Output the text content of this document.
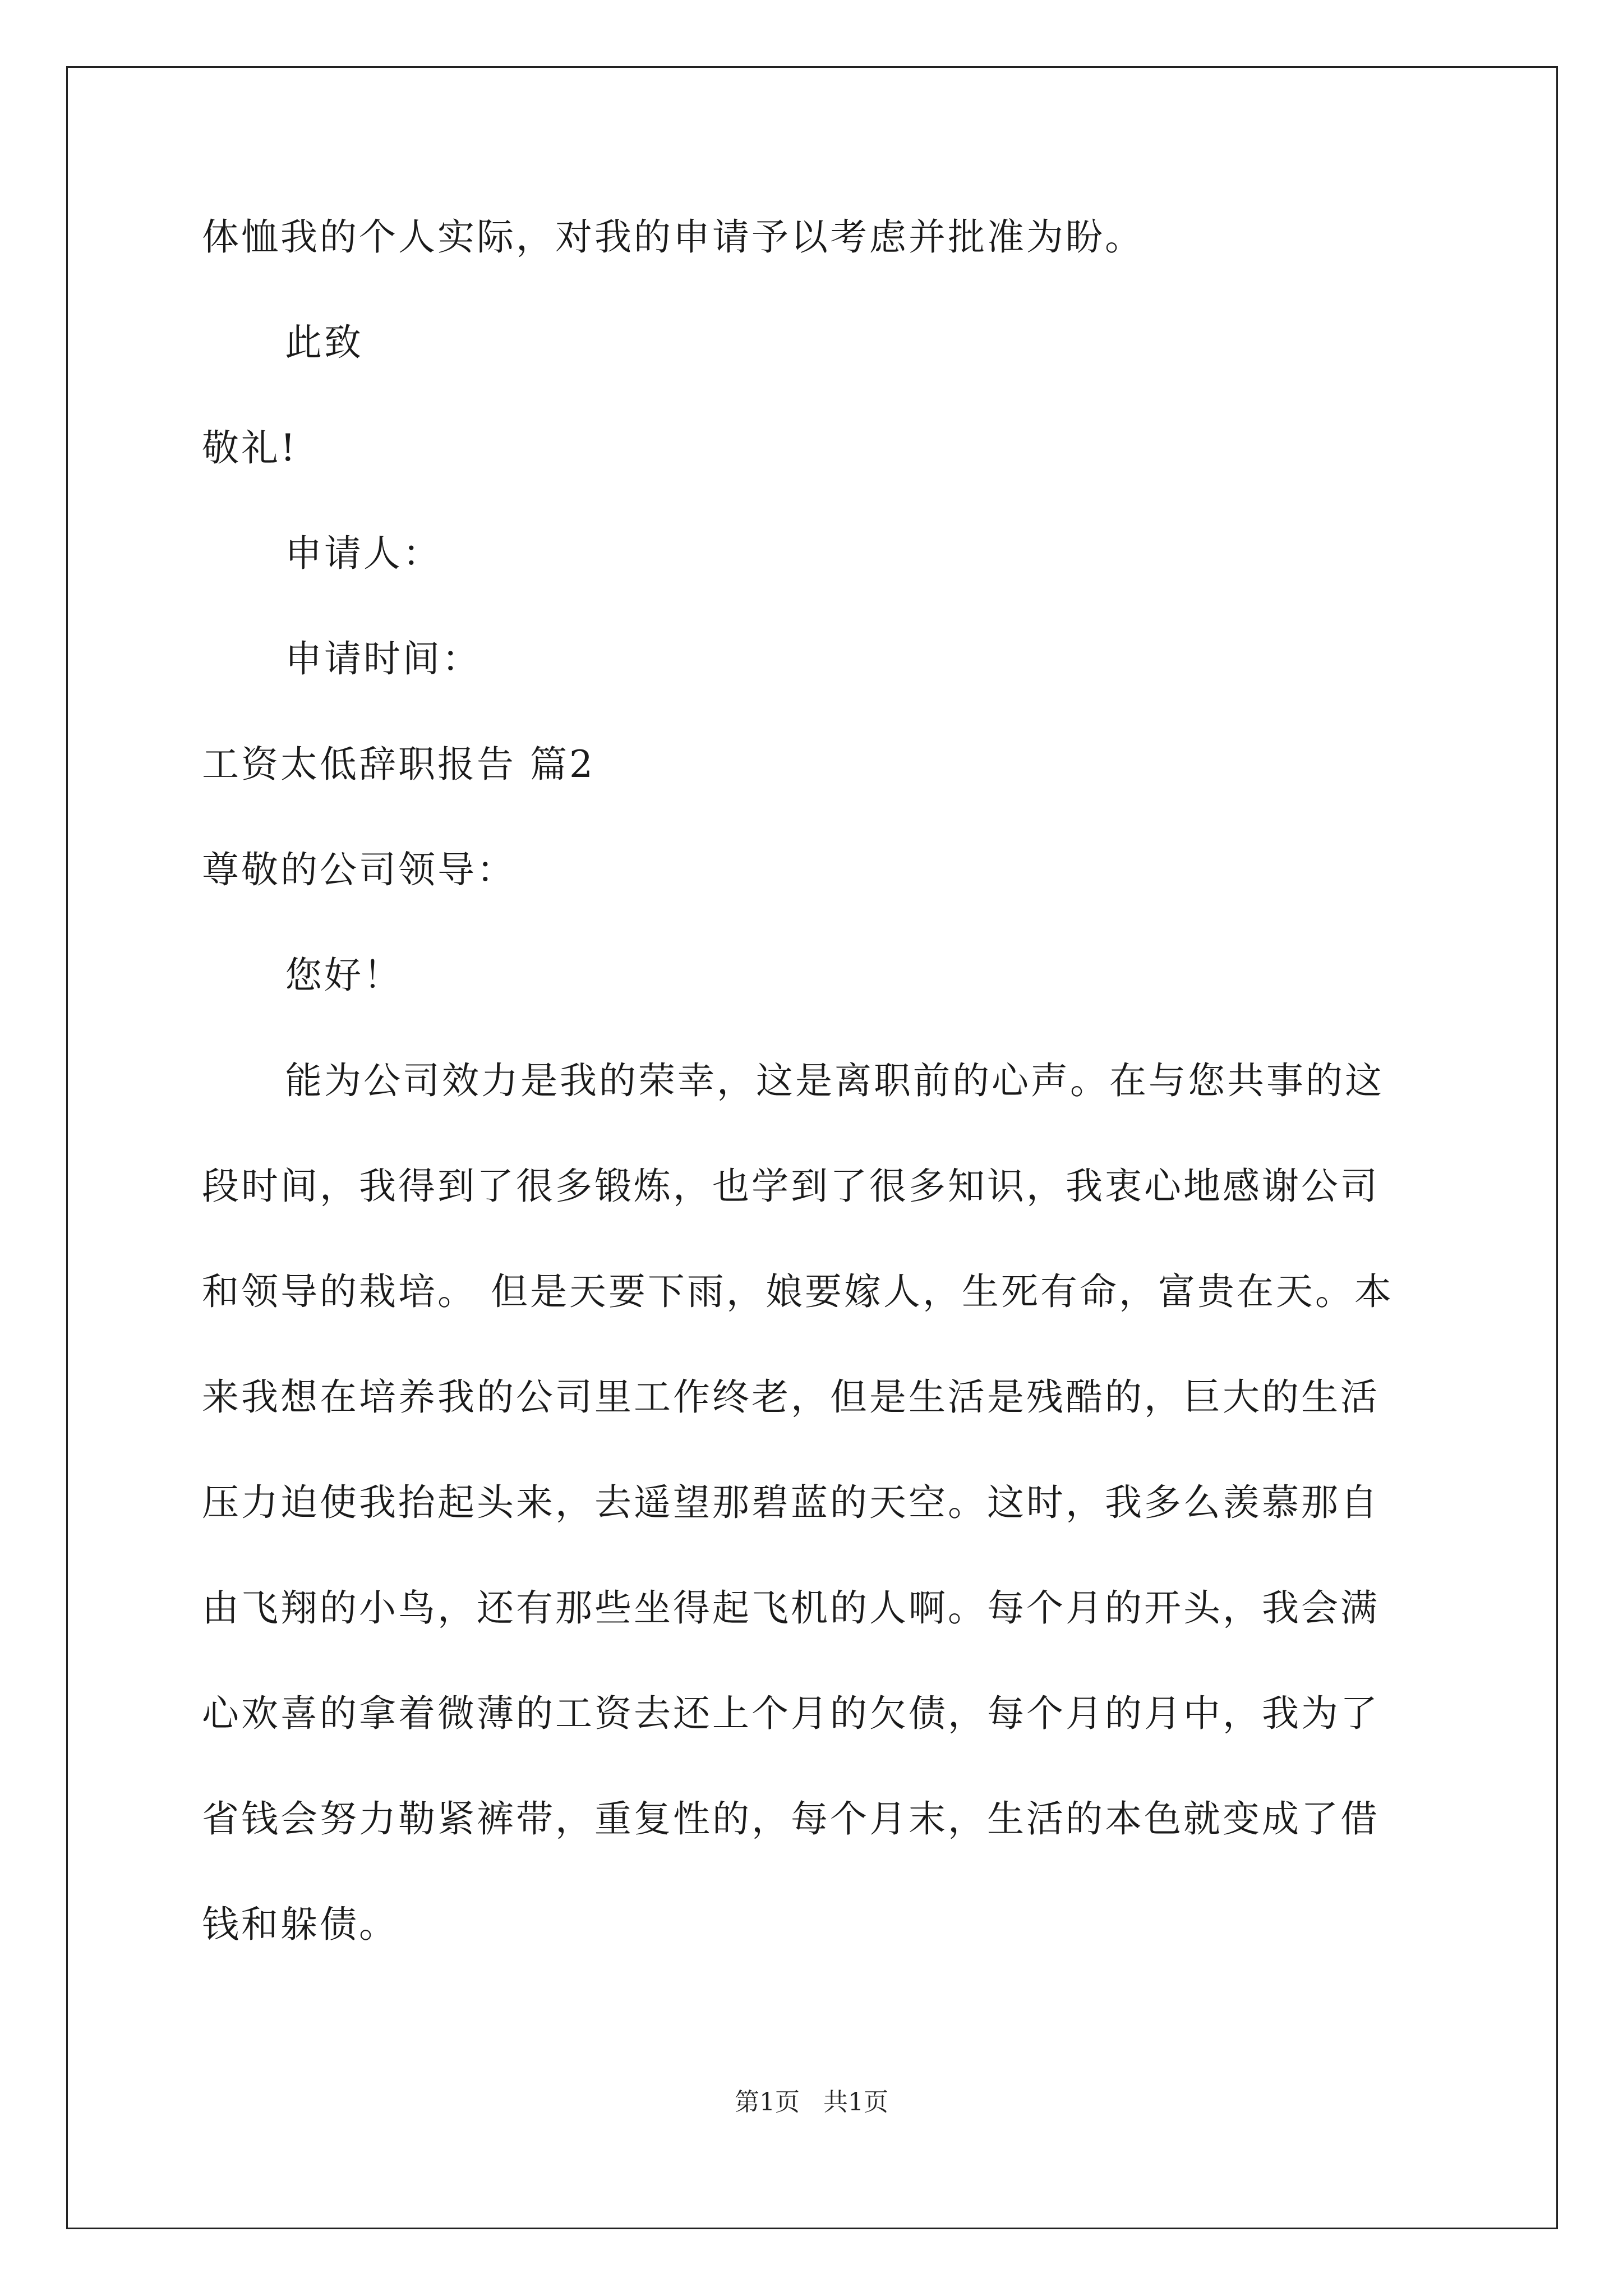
体恤我的个人实际，对我的申请予以考虑并批准为盼。

此致

敬礼!

申请人：

申请时间：

工资太低辞职报告 篇2

尊敬的公司领导：

您好！

能为公司效力是我的荣幸，这是离职前的心声。在与您共事的这

段时间，我得到了很多锻炼，也学到了很多知识，我衷心地感谢公司

和领导的栽培。 但是天要下雨，娘要嫁人，生死有命，富贵在天。本

来我想在培养我的公司里工作终老，但是生活是残酷的，巨大的生活

压力迫使我抬起头来，去遥望那碧蓝的天空。这时，我多么羡慕那自

由飞翔的小鸟，还有那些坐得起飞机的人啊。每个月的开头，我会满

心欢喜的拿着微薄的工资去还上个月的欠债，每个月的月中，我为了

省钱会努力勒紧裤带，重复性的，每个月末，生活的本色就变成了借

钱和躲债。

第1页 共1页
